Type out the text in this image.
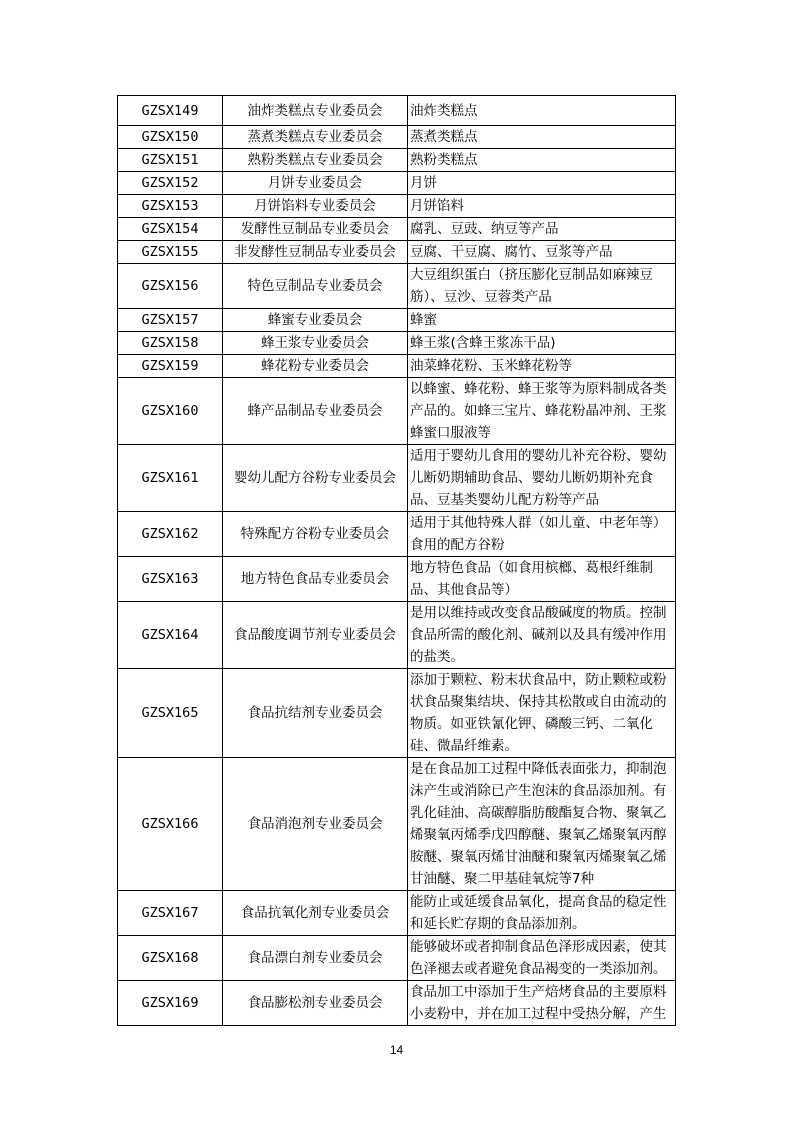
GZSX149	油炸类糕点专业委员会	油炸类糕点
GZSX150	蒸煮类糕点专业委员会	蒸煮类糕点
GZSX151	熟粉类糕点专业委员会	熟粉类糕点
GZSX152	月饼专业委员会	月饼
GZSX153	月饼馅料专业委员会	月饼馅料
GZSX154	发酵性豆制品专业委员会	腐乳、豆豉、纳豆等产品
GZSX155	非发酵性豆制品专业委员会	豆腐、干豆腐、腐竹、豆浆等产品
GZSX156	特色豆制品专业委员会	大豆组织蛋白（挤压膨化豆制品如麻辣豆筋）、豆沙、豆蓉类产品
GZSX157	蜂蜜专业委员会	蜂蜜
GZSX158	蜂王浆专业委员会	蜂王浆(含蜂王浆冻干品)
GZSX159	蜂花粉专业委员会	油菜蜂花粉、玉米蜂花粉等
GZSX160	蜂产品制品专业委员会	以蜂蜜、蜂花粉、蜂王浆等为原料制成各类产品的。如蜂三宝片、蜂花粉晶冲剂、王浆蜂蜜口服液等
GZSX161	婴幼儿配方谷粉专业委员会	适用于婴幼儿食用的婴幼儿补充谷粉、婴幼儿断奶期辅助食品、婴幼儿断奶期补充食品、豆基类婴幼儿配方粉等产品
GZSX162	特殊配方谷粉专业委员会	适用于其他特殊人群（如儿童、中老年等）食用的配方谷粉
GZSX163	地方特色食品专业委员会	地方特色食品（如食用槟榔、葛根纤维制品、其他食品等）
GZSX164	食品酸度调节剂专业委员会	是用以维持或改变食品酸碱度的物质。控制食品所需的酸化剂、碱剂以及具有缓冲作用的盐类。
GZSX165	食品抗结剂专业委员会	添加于颗粒、粉末状食品中，防止颗粒或粉状食品聚集结块、保持其松散或自由流动的物质。如亚铁氰化钾、磷酸三钙、二氧化硅、微晶纤维素。
GZSX166	食品消泡剂专业委员会	是在食品加工过程中降低表面张力，抑制泡沫产生或消除已产生泡沫的食品添加剂。有乳化硅油、高碳醇脂肪酸酯复合物、聚氧乙烯聚氧丙烯季戊四醇醚、聚氧乙烯聚氧丙醇胺醚、聚氧丙烯甘油醚和聚氧丙烯聚氧乙烯甘油醚、聚二甲基硅氧烷等7种
GZSX167	食品抗氧化剂专业委员会	能防止或延缓食品氧化，提高食品的稳定性和延长贮存期的食品添加剂。
GZSX168	食品漂白剂专业委员会	能够破坏或者抑制食品色泽形成因素，使其色泽褪去或者避免食品褐变的一类添加剂。
GZSX169	食品膨松剂专业委员会	食品加工中添加于生产焙烤食品的主要原料小麦粉中，并在加工过程中受热分解，产生
14
